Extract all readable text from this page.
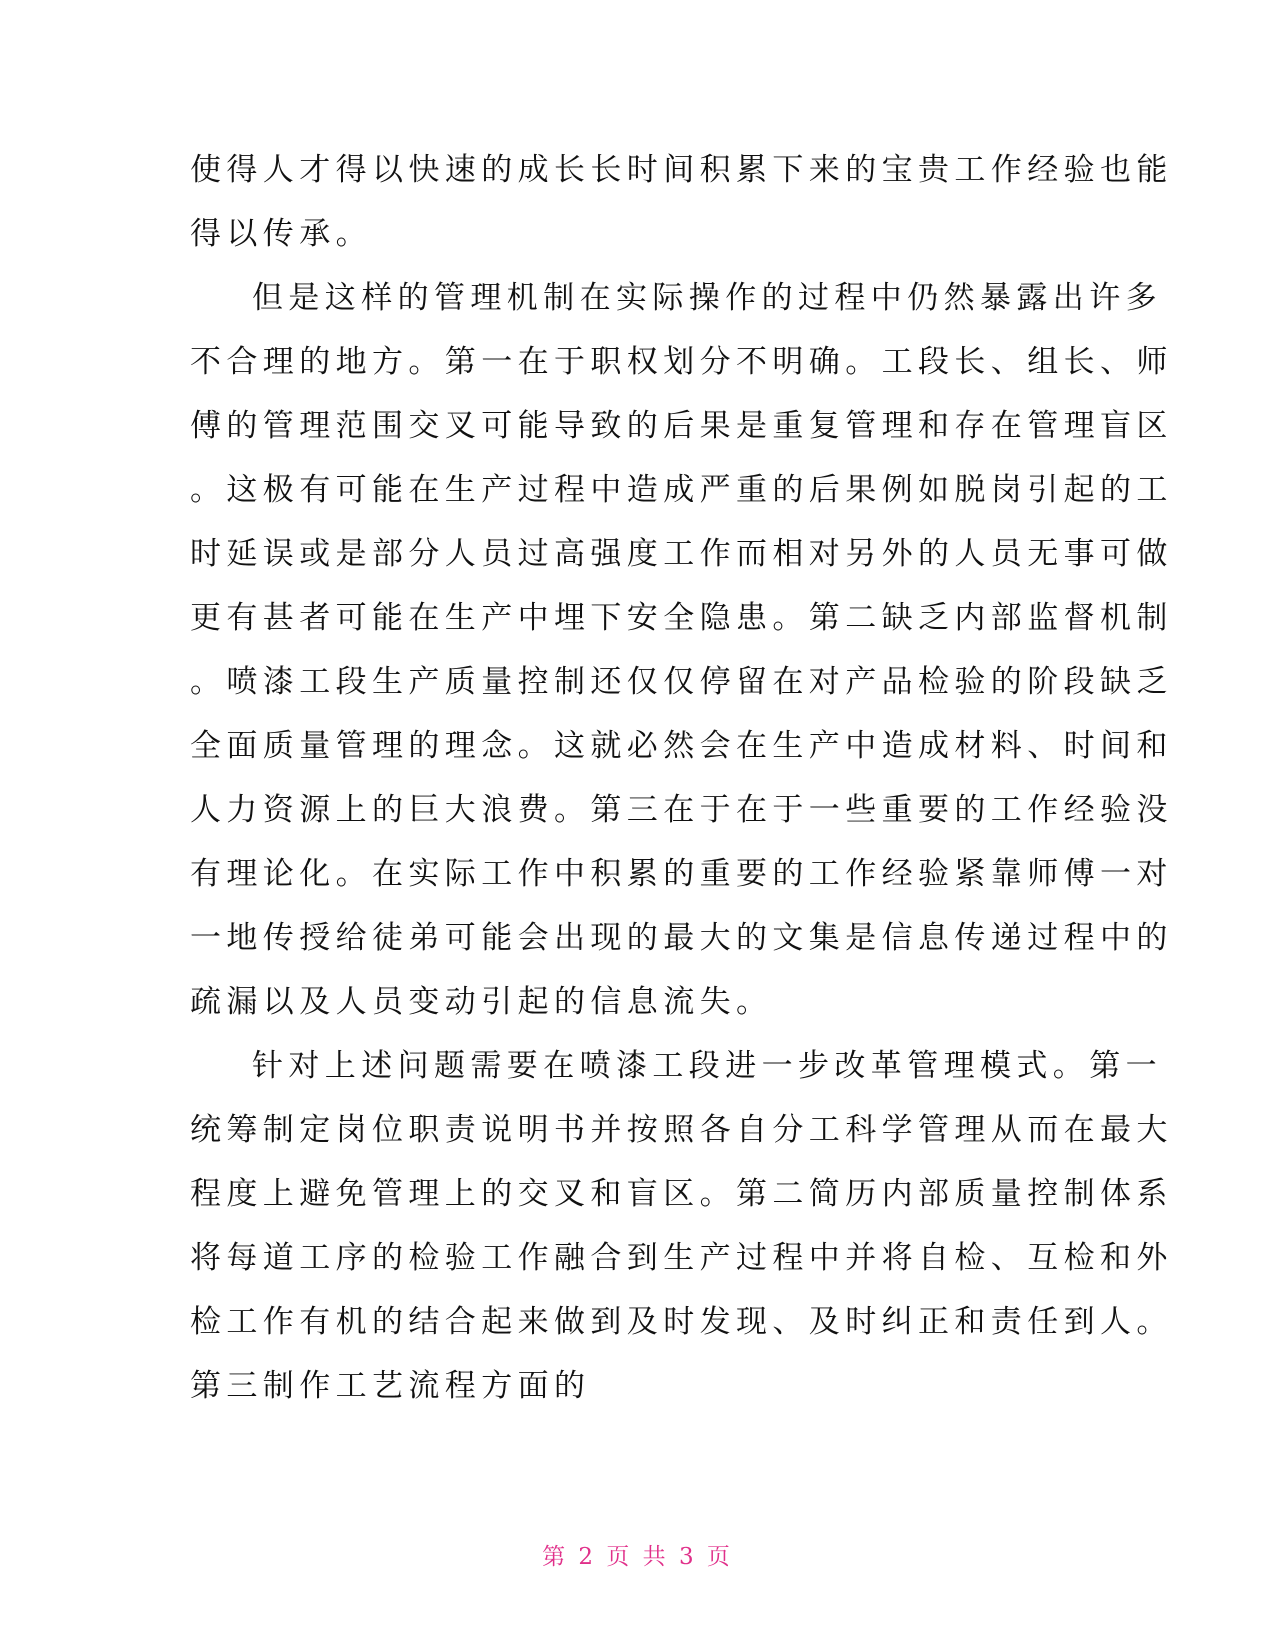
使得人才得以快速的成长长时间积累下来的宝贵工作经验也能
得以传承。
但是这样的管理机制在实际操作的过程中仍然暴露出许多
不合理的地方。第一在于职权划分不明确。工段长、组长、师
傅的管理范围交叉可能导致的后果是重复管理和存在管理盲区
。这极有可能在生产过程中造成严重的后果例如脱岗引起的工
时延误或是部分人员过高强度工作而相对另外的人员无事可做
更有甚者可能在生产中埋下安全隐患。第二缺乏内部监督机制
。喷漆工段生产质量控制还仅仅停留在对产品检验的阶段缺乏
全面质量管理的理念。这就必然会在生产中造成材料、时间和
人力资源上的巨大浪费。第三在于在于一些重要的工作经验没
有理论化。在实际工作中积累的重要的工作经验紧靠师傅一对
一地传授给徒弟可能会出现的最大的文集是信息传递过程中的
疏漏以及人员变动引起的信息流失。
针对上述问题需要在喷漆工段进一步改革管理模式。第一
统筹制定岗位职责说明书并按照各自分工科学管理从而在最大
程度上避免管理上的交叉和盲区。第二简历内部质量控制体系
将每道工序的检验工作融合到生产过程中并将自检、互检和外
检工作有机的结合起来做到及时发现、及时纠正和责任到人。
第三制作工艺流程方面的
第 2 页 共 3 页
